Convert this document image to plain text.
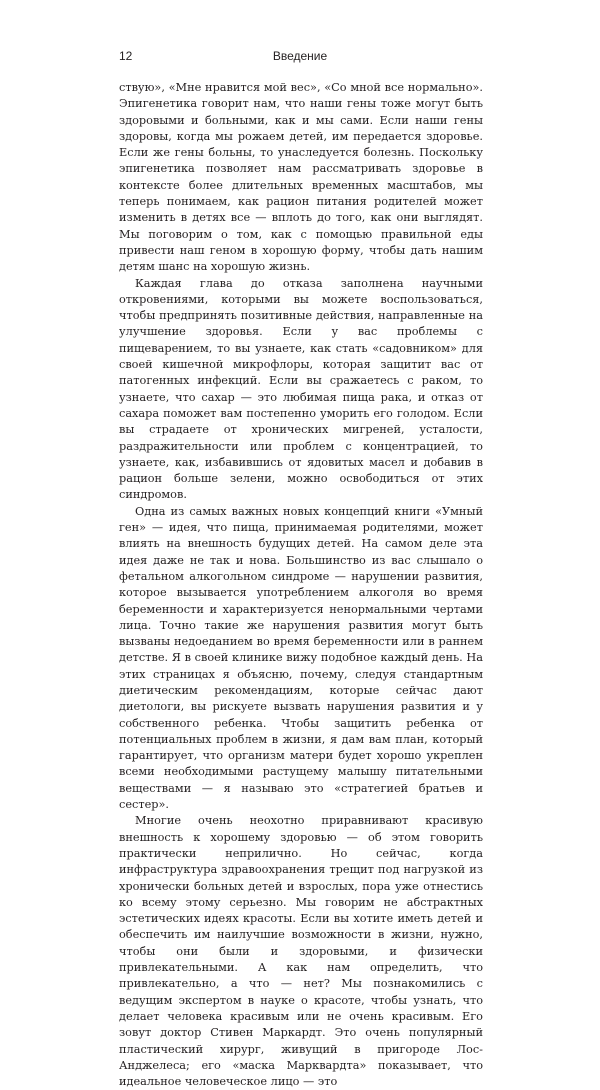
12	Введение

ствую», «Мне нравится мой вес», «Со мной все нормально». Эпигенетика говорит нам, что наши гены тоже могут быть здоровыми и больными, как и мы сами. Если наши гены здоровы, когда мы рожаем детей, им передается здоровье. Если же гены больны, то унаследуется болезнь. Поскольку эпигенетика позволяет нам рассматривать здоровье в контексте более длительных временных масштабов, мы теперь понимаем, как рацион питания родителей может изменить в детях все — вплоть до того, как они выглядят. Мы поговорим о том, как с помощью правильной еды привести наш геном в хорошую форму, чтобы дать нашим детям шанс на хорошую жизнь.

Каждая глава до отказа заполнена научными откровениями, которыми вы можете воспользоваться, чтобы предпринять позитивные действия, направленные на улучшение здоровья. Если у вас проблемы с пищеварением, то вы узнаете, как стать «садовником» для своей кишечной микрофлоры, которая защитит вас от патогенных инфекций. Если вы сражаетесь с раком, то узнаете, что сахар — это любимая пища рака, и отказ от сахара поможет вам постепенно уморить его голодом. Если вы страдаете от хронических мигреней, усталости, раздражительности или проблем с концентрацией, то узнаете, как, избавившись от ядовитых масел и добавив в рацион больше зелени, можно освободиться от этих синдромов.

Одна из самых важных новых концепций книги «Умный ген» — идея, что пища, принимаемая родителями, может влиять на внешность будущих детей. На самом деле эта идея даже не так и нова. Большинство из вас слышало о фетальном алкогольном синдроме — нарушении развития, которое вызывается употреблением алкоголя во время беременности и характеризуется ненормальными чертами лица. Точно такие же нарушения развития могут быть вызваны недоеданием во время беременности или в раннем детстве. Я в своей клинике вижу подобное каждый день. На этих страницах я объясню, почему, следуя стандартным диетическим рекомендациям, которые сейчас дают диетологи, вы рискуете вызвать нарушения развития и у собственного ребенка. Чтобы защитить ребенка от потенциальных проблем в жизни, я дам вам план, который гарантирует, что организм матери будет хорошо укреплен всеми необходимыми растущему малышу питательными веществами — я называю это «стратегией братьев и сестер».

Многие очень неохотно приравнивают красивую внешность к хорошему здоровью — об этом говорить практически неприлично. Но сейчас, когда инфраструктура здравоохранения трещит под нагрузкой из хронически больных детей и взрослых, пора уже отнестись ко всему этому серьезно. Мы говорим не абстрактных эстетических идеях красоты. Если вы хотите иметь детей и обеспечить им наилучшие возможности в жизни, нужно, чтобы они были и здоровыми, и физически привлекательными. А как нам определить, что привлекательно, а что — нет? Мы познакомились с ведущим экспертом в науке о красоте, чтобы узнать, что делает человека красивым или не очень красивым. Его зовут доктор Стивен Маркардт. Это очень популярный пластический хирург, живущий в пригороде Лос-Анджелеса; его «маска Марквардта» показывает, что идеальное человеческое лицо — это
